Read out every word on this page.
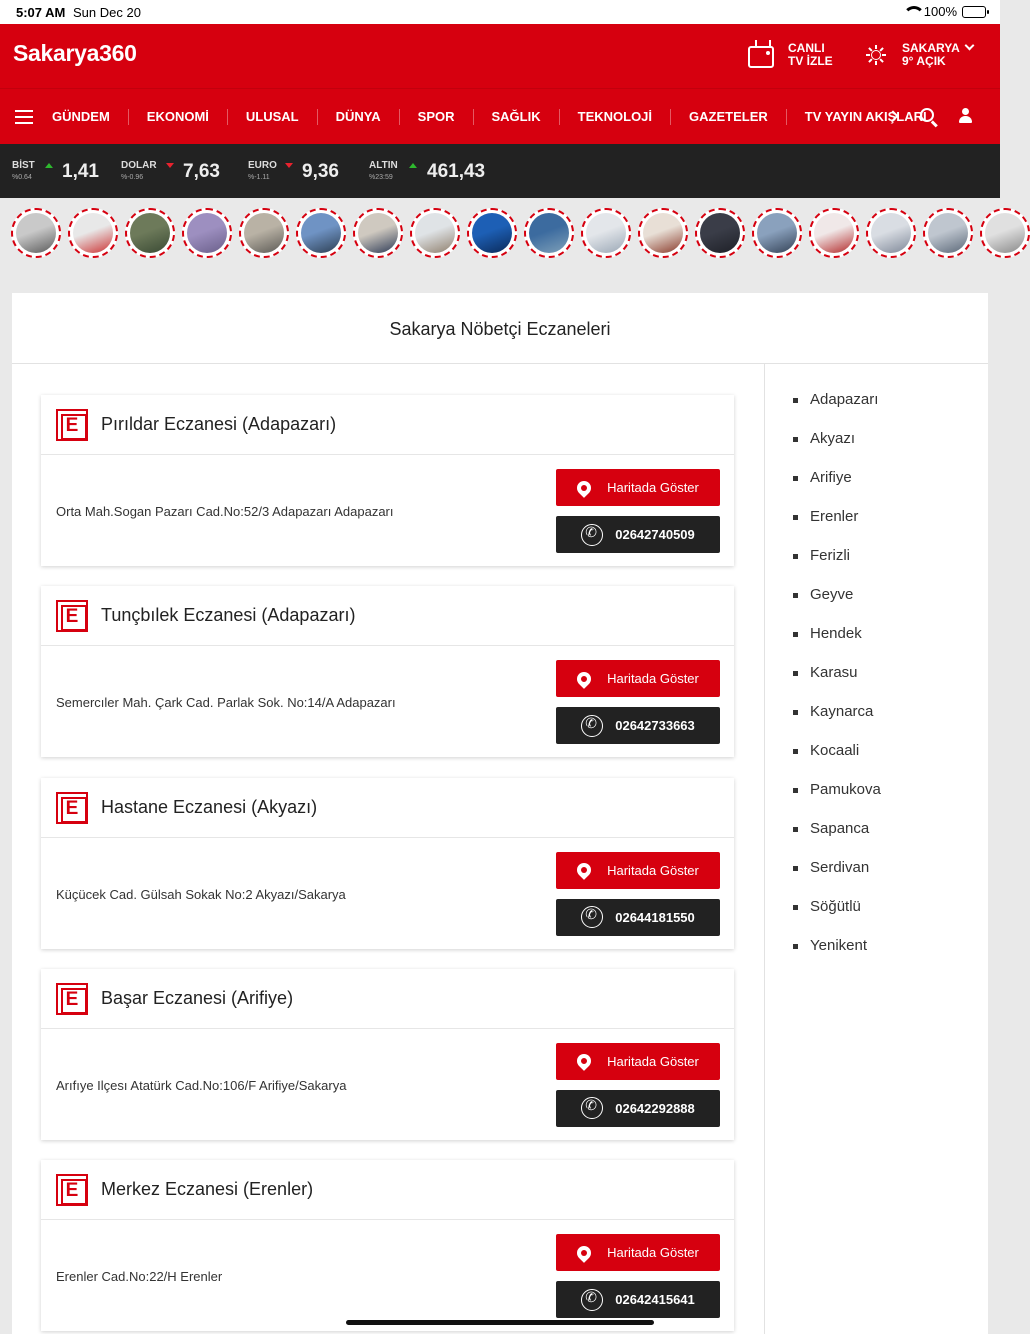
5:07 AM Sun Dec 20	100%
Sakarya360	CANLI
TV İZLE
SAKARYA
9° AÇIK
GÜNDEM	EKONOMİ	ULUSAL	DÜNYA	SPOR	SAĞLIK	TEKNOLOJİ	GAZETELER	TV YAYIN AKIŞLARI
BİST
%0.64 1,41 DOLAR
%-0.96 7,63	EURO
%-1.11 9,36	ALTIN
%23:59 461,43
Sakarya Nöbetçi Eczaneleri
E	Pırıldar Eczanesi (Adapazarı)
Orta Mah.Sogan Pazarı Cad.No:52/3 Adapazarı Adapazarı
Haritada Göster
✆
02642740509
E	Tunçbılek Eczanesi (Adapazarı)
Semercıler Mah. Çark Cad. Parlak Sok. No:14/A Adapazarı
Haritada Göster
✆
02642733663
E	Hastane Eczanesi (Akyazı)
Küçücek Cad. Gülsah Sokak No:2 Akyazı/Sakarya
Haritada Göster
✆
02644181550
E	Başar Eczanesi (Arifiye)
Arıfıye Ilçesı Atatürk Cad.No:106/F Arifiye/Sakarya
Haritada Göster
✆
02642292888
E	Merkez Eczanesi (Erenler)
Erenler Cad.No:22/H Erenler
Haritada Göster
✆
02642415641
Adapazarı
Akyazı
Arifiye
Erenler
Ferizli
Geyve
Hendek
Karasu
Kaynarca
Kocaali
Pamukova
Sapanca
Serdivan
Söğütlü
Yenikent
